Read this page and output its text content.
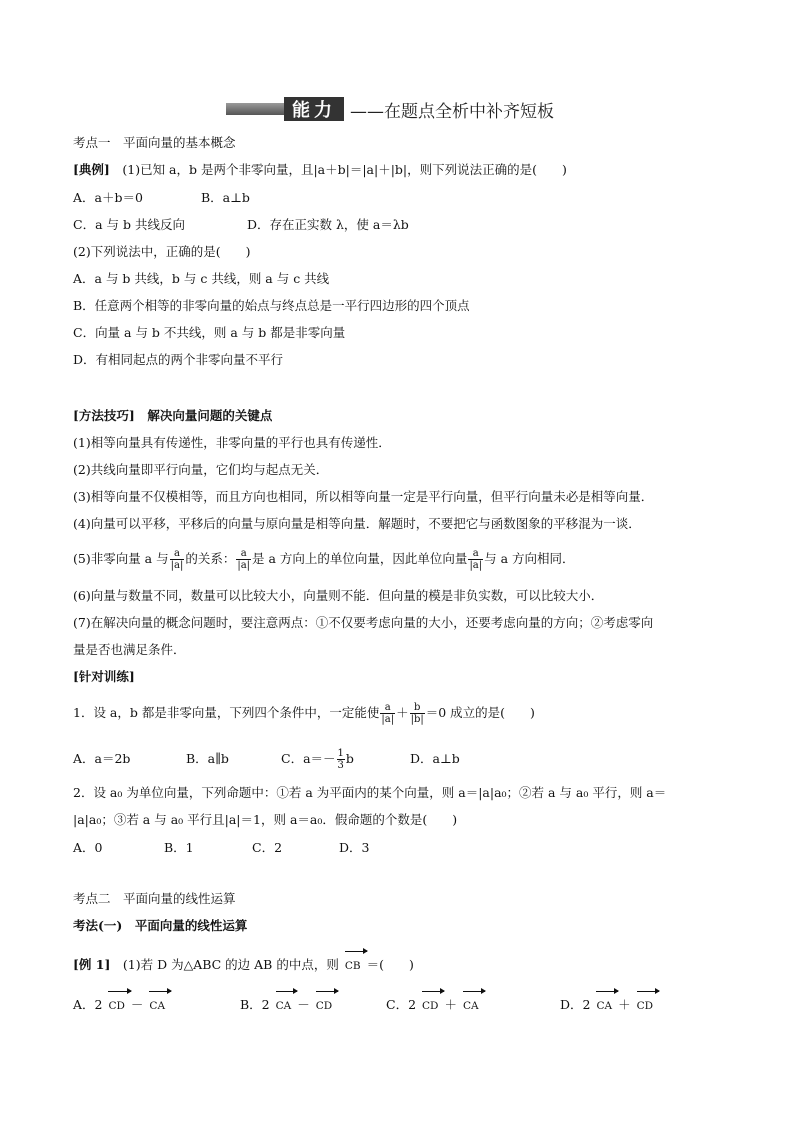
能力 ——在题点全析中补齐短板
考点一　平面向量的基本概念
[典例]　 (1)已知 a，b 是两个非零向量，且|a＋b|＝|a|＋|b|，则下列说法正确的是(　　)
A．a＋b＝0	B．a⊥b
C．a 与 b 共线反向	D．存在正实数 λ，使 a＝λb
(2)下列说法中，正确的是(　　)
A．a 与 b 共线，b 与 c 共线，则 a 与 c 共线
B．任意两个相等的非零向量的始点与终点总是一平行四边形的四个顶点
C．向量 a 与 b 不共线，则 a 与 b 都是非零向量
D．有相同起点的两个非零向量不平行
[方法技巧]　 解决向量问题的关键点
(1)相等向量具有传递性，非零向量的平行也具有传递性．
(2)共线向量即平行向量，它们均与起点无关．
(3)相等向量不仅模相等，而且方向也相同，所以相等向量一定是平行向量，但平行向量未必是相等向量．
(4)向量可以平移，平移后的向量与原向量是相等向量．解题时，不要把它与函数图象的平移混为一谈．
(5)非零向量 a 与 $\frac{a}{|a|}$ 的关系： $\frac{a}{|a|}$ 是 a 方向上的单位向量，因此单位向量 $\frac{a}{|a|}$ 与 a 方向相同．
(6)向量与数量不同，数量可以比较大小，向量则不能．但向量的模是非负实数，可以比较大小．
(7)在解决向量的概念问题时，要注意两点：①不仅要考虑向量的大小，还要考虑向量的方向；②考虑零向
量是否也满足条件．
[针对训练]
1．设 a，b 都是非零向量，下列四个条件中，一定能使 $\frac{a}{|a|} + \frac{b}{|b|} =0$ 成立的是(　　)
A．a＝2b	B．a∥b	C．$a=- \frac{1}{3}$ b	D．a⊥b
2．设 a₀ 为单位向量，下列命题中：①若 a 为平面内的某个向量，则 a＝|a|a₀；②若 a 与 a₀ 平行，则 a＝
|a|a₀；③若 a 与 a₀ 平行且|a|＝1，则 a＝a₀．假命题的个数是(　　)
A．0	B．1	C．2	D．3
考点二　平面向量的线性运算
考法(一)　平面向量的线性运算
[例 1]　 (1)若 D 为△ABC 的边 AB 的中点，则 CB ＝(　　)
A．2 CD － CA	B．2 CA － CD	C．2 CD ＋ CA	D．2 CA ＋ CD
